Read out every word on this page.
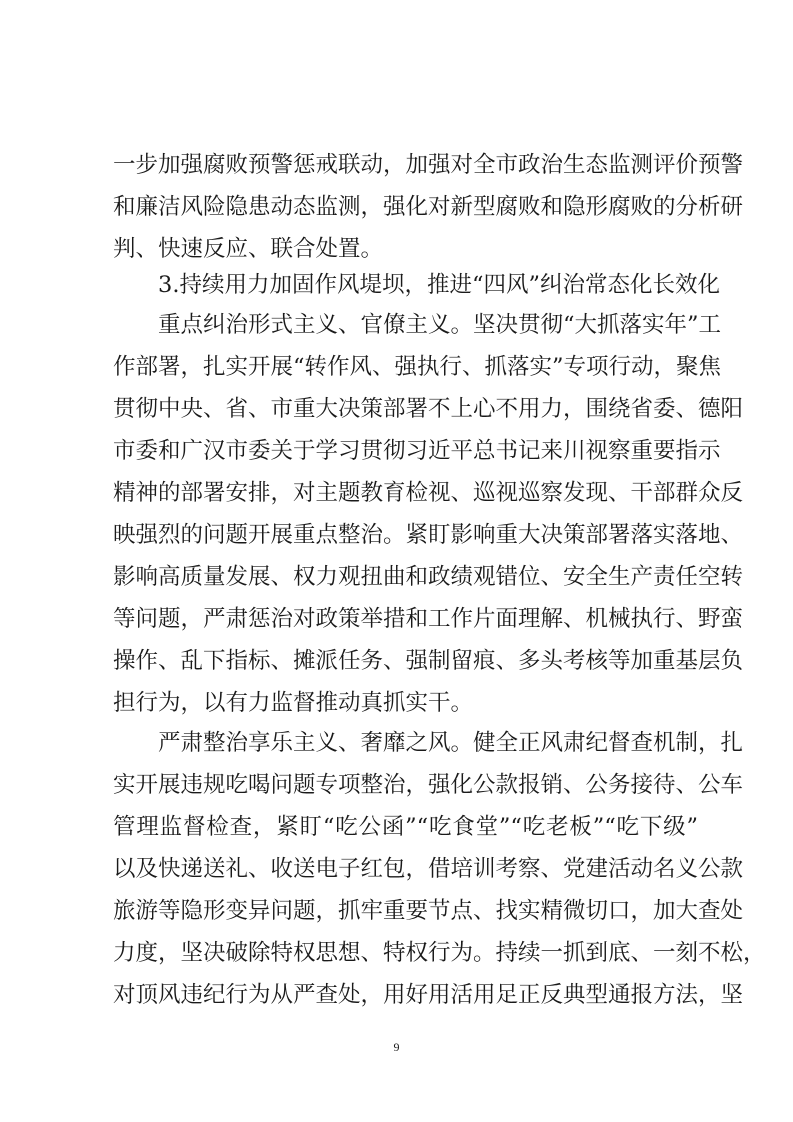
一步加强腐败预警惩戒联动，加强对全市政治生态监测评价预警
和廉洁风险隐患动态监测，强化对新型腐败和隐形腐败的分析研
判、快速反应、联合处置。
3.持续用力加固作风堤坝，推进“四风”纠治常态化长效化
重点纠治形式主义、官僚主义。坚决贯彻“大抓落实年”工
作部署，扎实开展“转作风、强执行、抓落实”专项行动，聚焦
贯彻中央、省、市重大决策部署不上心不用力，围绕省委、德阳
市委和广汉市委关于学习贯彻习近平总书记来川视察重要指示
精神的部署安排，对主题教育检视、巡视巡察发现、干部群众反
映强烈的问题开展重点整治。紧盯影响重大决策部署落实落地、
影响高质量发展、权力观扭曲和政绩观错位、安全生产责任空转
等问题，严肃惩治对政策举措和工作片面理解、机械执行、野蛮
操作、乱下指标、摊派任务、强制留痕、多头考核等加重基层负
担行为，以有力监督推动真抓实干。
严肃整治享乐主义、奢靡之风。健全正风肃纪督查机制，扎
实开展违规吃喝问题专项整治，强化公款报销、公务接待、公车
管理监督检查，紧盯“吃公函”“吃食堂”“吃老板”“吃下级”
以及快递送礼、收送电子红包，借培训考察、党建活动名义公款
旅游等隐形变异问题，抓牢重要节点、找实精微切口，加大查处
力度，坚决破除特权思想、特权行为。持续一抓到底、一刻不松，
对顶风违纪行为从严查处，用好用活用足正反典型通报方法，坚
9
